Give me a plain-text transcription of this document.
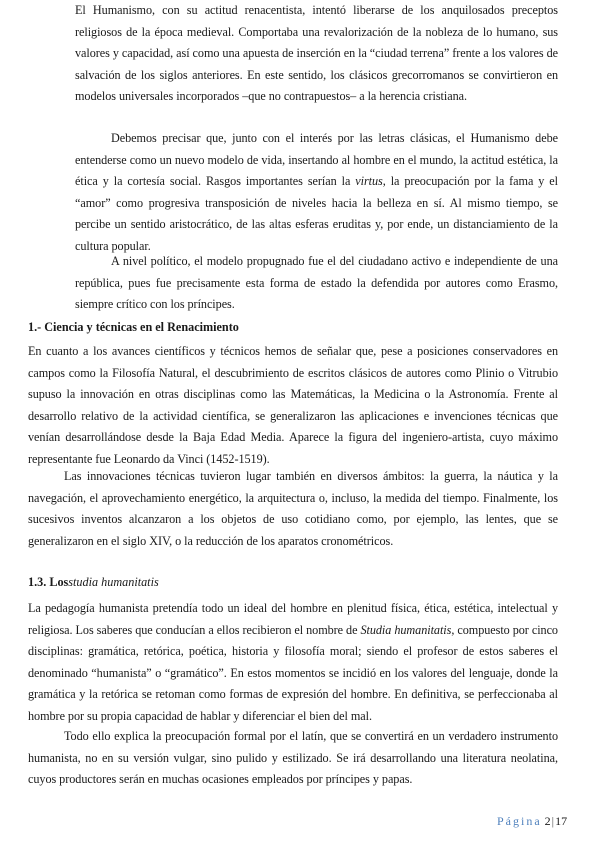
El Humanismo, con su actitud renacentista, intentó liberarse de los anquilosados preceptos religiosos de la época medieval. Comportaba una revalorización de la nobleza de lo humano, sus valores y capacidad, así como una apuesta de inserción en la “ciudad terrena” frente a los valores de salvación de los siglos anteriores. En este sentido, los clásicos grecorromanos se convirtieron en modelos universales incorporados –que no contrapuestos– a la herencia cristiana.

Debemos precisar que, junto con el interés por las letras clásicas, el Humanismo debe entenderse como un nuevo modelo de vida, insertando al hombre en el mundo, la actitud estética, la ética y la cortesía social. Rasgos importantes serían la virtus, la preocupación por la fama y el “amor” como progresiva transposición de niveles hacia la belleza en sí. Al mismo tiempo, se percibe un sentido aristocrático, de las altas esferas eruditas y, por ende, un distanciamiento de la cultura popular.

A nivel político, el modelo propugnado fue el del ciudadano activo e independiente de una república, pues fue precisamente esta forma de estado la defendida por autores como Erasmo, siempre crítico con los príncipes.

1.- Ciencia y técnicas en el Renacimiento

En cuanto a los avances científicos y técnicos hemos de señalar que, pese a posiciones conservadores en campos como la Filosofía Natural, el descubrimiento de escritos clásicos de autores como Plinio o Vitrubio supuso la innovación en otras disciplinas como las Matemáticas, la Medicina o la Astronomía. Frente al desarrollo relativo de la actividad científica, se generalizaron las aplicaciones e invenciones técnicas que venían desarrollándose desde la Baja Edad Media. Aparece la figura del ingeniero-artista, cuyo máximo representante fue Leonardo da Vinci (1452-1519).

Las innovaciones técnicas tuvieron lugar también en diversos ámbitos: la guerra, la náutica y la navegación, el aprovechamiento energético, la arquitectura o, incluso, la medida del tiempo. Finalmente, los sucesivos inventos alcanzaron a los objetos de uso cotidiano como, por ejemplo, las lentes, que se generalizaron en el siglo XIV, o la reducción de los aparatos cronométricos.

1.3. Losstudia humanitatis

La pedagogía humanista pretendía todo un ideal del hombre en plenitud física, ética, estética, intelectual y religiosa. Los saberes que conducían a ellos recibieron el nombre de Studia humanitatis, compuesto por cinco disciplinas: gramática, retórica, poética, historia y filosofía moral; siendo el profesor de estos saberes el denominado “humanista” o “gramático”. En estos momentos se incidió en los valores del lenguaje, donde la gramática y la retórica se retoman como formas de expresión del hombre. En definitiva, se perfeccionaba al hombre por su propia capacidad de hablar y diferenciar el bien del mal.

Todo ello explica la preocupación formal por el latín, que se convertirá en un verdadero instrumento humanista, no en su versión vulgar, sino pulido y estilizado. Se irá desarrollando una literatura neolatina, cuyos productores serán en muchas ocasiones empleados por príncipes y papas.

Página 2|17
